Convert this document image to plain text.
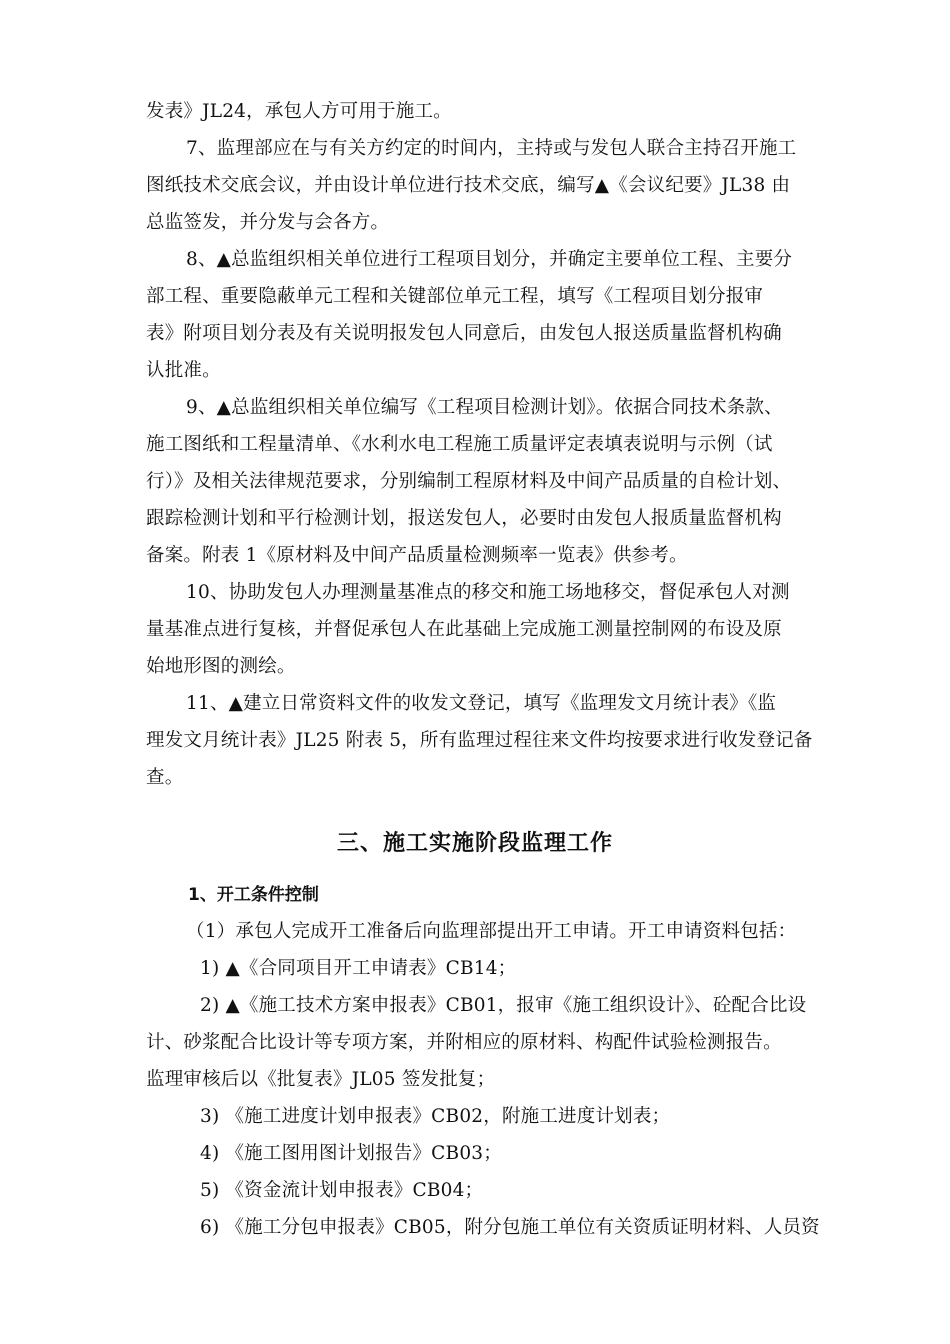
发表》JL24，承包人方可用于施工。
7、监理部应在与有关方约定的时间内，主持或与发包人联合主持召开施工
图纸技术交底会议，并由设计单位进行技术交底，编写▲《会议纪要》JL38 由
总监签发，并分发与会各方。
8、▲总监组织相关单位进行工程项目划分，并确定主要单位工程、主要分
部工程、重要隐蔽单元工程和关键部位单元工程，填写《工程项目划分报审
表》附项目划分表及有关说明报发包人同意后，由发包人报送质量监督机构确
认批准。
9、▲总监组织相关单位编写《工程项目检测计划》。依据合同技术条款、
施工图纸和工程量清单、《水利水电工程施工质量评定表填表说明与示例（试
行）》及相关法律规范要求，分别编制工程原材料及中间产品质量的自检计划、
跟踪检测计划和平行检测计划，报送发包人，必要时由发包人报质量监督机构
备案。附表 1《原材料及中间产品质量检测频率一览表》供参考。
10、协助发包人办理测量基准点的移交和施工场地移交，督促承包人对测
量基准点进行复核，并督促承包人在此基础上完成施工测量控制网的布设及原
始地形图的测绘。
11、▲建立日常资料文件的收发文登记，填写《监理发文月统计表》《监
理发文月统计表》JL25 附表 5，所有监理过程往来文件均按要求进行收发登记备
查。
三、施工实施阶段监理工作
1、开工条件控制
（1）承包人完成开工准备后向监理部提出开工申请。开工申请资料包括：
1) ▲《合同项目开工申请表》CB14；
2) ▲《施工技术方案申报表》CB01，报审《施工组织设计》、砼配合比设
计、砂浆配合比设计等专项方案，并附相应的原材料、构配件试验检测报告。
监理审核后以《批复表》JL05 签发批复；
3) 《施工进度计划申报表》CB02，附施工进度计划表；
4) 《施工图用图计划报告》CB03；
5) 《资金流计划申报表》CB04；
6) 《施工分包申报表》CB05，附分包施工单位有关资质证明材料、人员资
